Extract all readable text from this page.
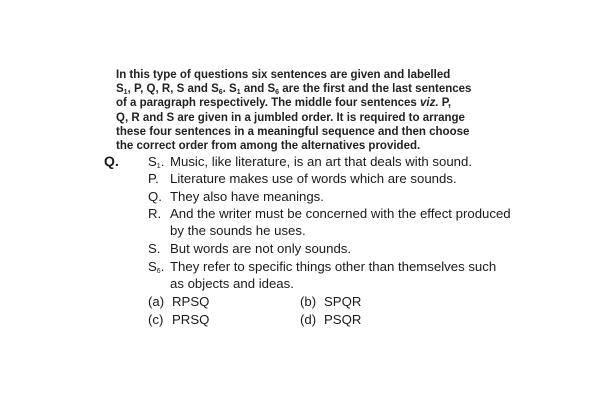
In this type of questions six sentences are given and labelled
$S_1$, P, Q, R, S and $S_6$. $S_1$ and $S_6$ are the first and the last sentences
of a paragraph respectively. The middle four sentences viz. P,
Q, R and S are given in a jumbled order. It is required to arrange
these four sentences in a meaningful sequence and then choose
the correct order from among the alternatives provided.
Q. $S_1$. Music, like literature, is an art that deals with sound.
P. Literature makes use of words which are sounds.
Q. They also have meanings.
R. And the writer must be concerned with the effect produced
by the sounds he uses.
S. But words are not only sounds.
$S_6$. They refer to specific things other than themselves such
as objects and ideas.
(a) RPSQ	(b) SPQR
(c) PRSQ	(d) PSQR
